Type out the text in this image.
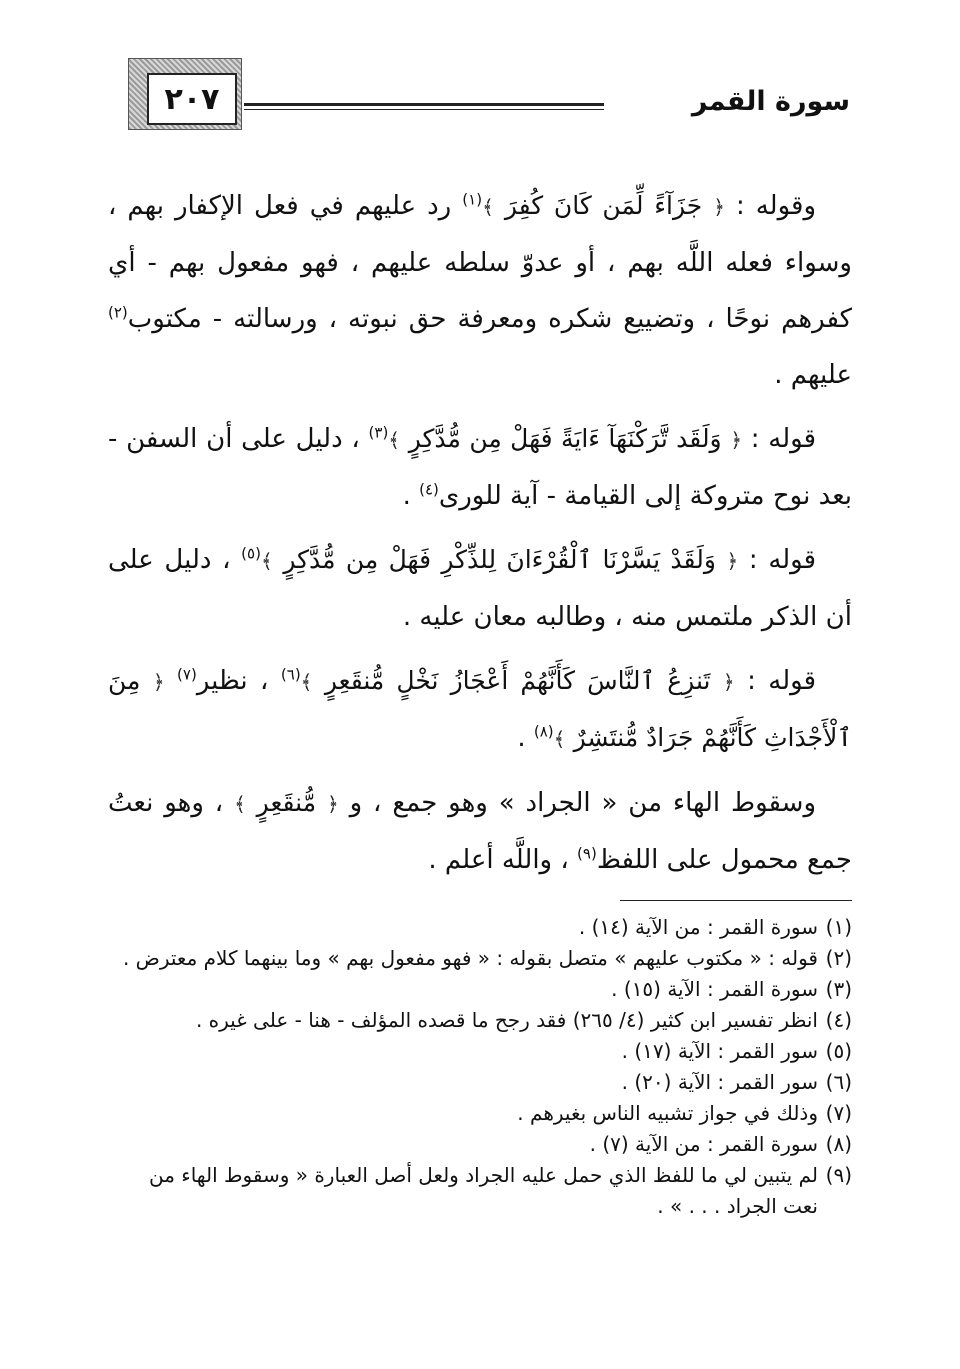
٢٠٧	سورة القمر

وقوله : ﴿ جَزَآءً لِّمَن كَانَ كُفِرَ ﴾$^{(١)}$ رد عليهم في فعل الإكفار بهم ، وسواء فعله اللَّه بهم ، أو عدوّ سلطه عليهم ، فهو مفعول بهم - أي كفرهم نوحًا ، وتضييع شكره ومعرفة حق نبوته ، ورسالته - مكتوب$^{(٢)}$ عليهم .

قوله : ﴿ وَلَقَد تَّرَكْنَهَآ ءَايَةً فَهَلْ مِن مُّدَّكِرٍ ﴾$^{(٣)}$ ، دليل على أن السفن - بعد نوح متروكة إلى القيامة - آية للورى$^{(٤)}$ .

قوله : ﴿ وَلَقَدْ يَسَّرْنَا ٱلْقُرْءَانَ لِلذِّكْرِ فَهَلْ مِن مُّدَّكِرٍ ﴾$^{(٥)}$ ، دليل على أن الذكر ملتمس منه ، وطالبه معان عليه .

قوله : ﴿ تَنزِعُ ٱلنَّاسَ كَأَنَّهُمْ أَعْجَازُ نَخْلٍ مُّنقَعِرٍ ﴾$^{(٦)}$ ، نظير$^{(٧)}$ ﴿ مِنَ ٱلْأَجْدَاثِ كَأَنَّهُمْ جَرَادٌ مُّنتَشِرٌ ﴾$^{(٨)}$ .

وسقوط الهاء من « الجراد » وهو جمع ، و ﴿ مُّنقَعِرٍ ﴾ ، وهو نعتُ جمع محمول على اللفظ$^{(٩)}$ ، واللَّه أعلم .

(١)سورة القمر : من الآية (١٤) .

(٢)قوله : « مكتوب عليهم » متصل بقوله : « فهو مفعول بهم » وما بينهما كلام معترض .

(٣)سورة القمر : الآية (١٥) .

(٤)انظر تفسير ابن كثير (٤/ ٢٦٥) فقد رجح ما قصده المؤلف - هنا - على غيره .

(٥)سور القمر : الآية (١٧) .

(٦)سور القمر : الآية (٢٠) .

(٧)وذلك في جواز تشبيه الناس بغيرهم .

(٨)سورة القمر : من الآية (٧) .

(٩)لم يتبين لي ما للفظ الذي حمل عليه الجراد ولعل أصل العبارة « وسقوط الهاء من نعت الجراد . . . » .
